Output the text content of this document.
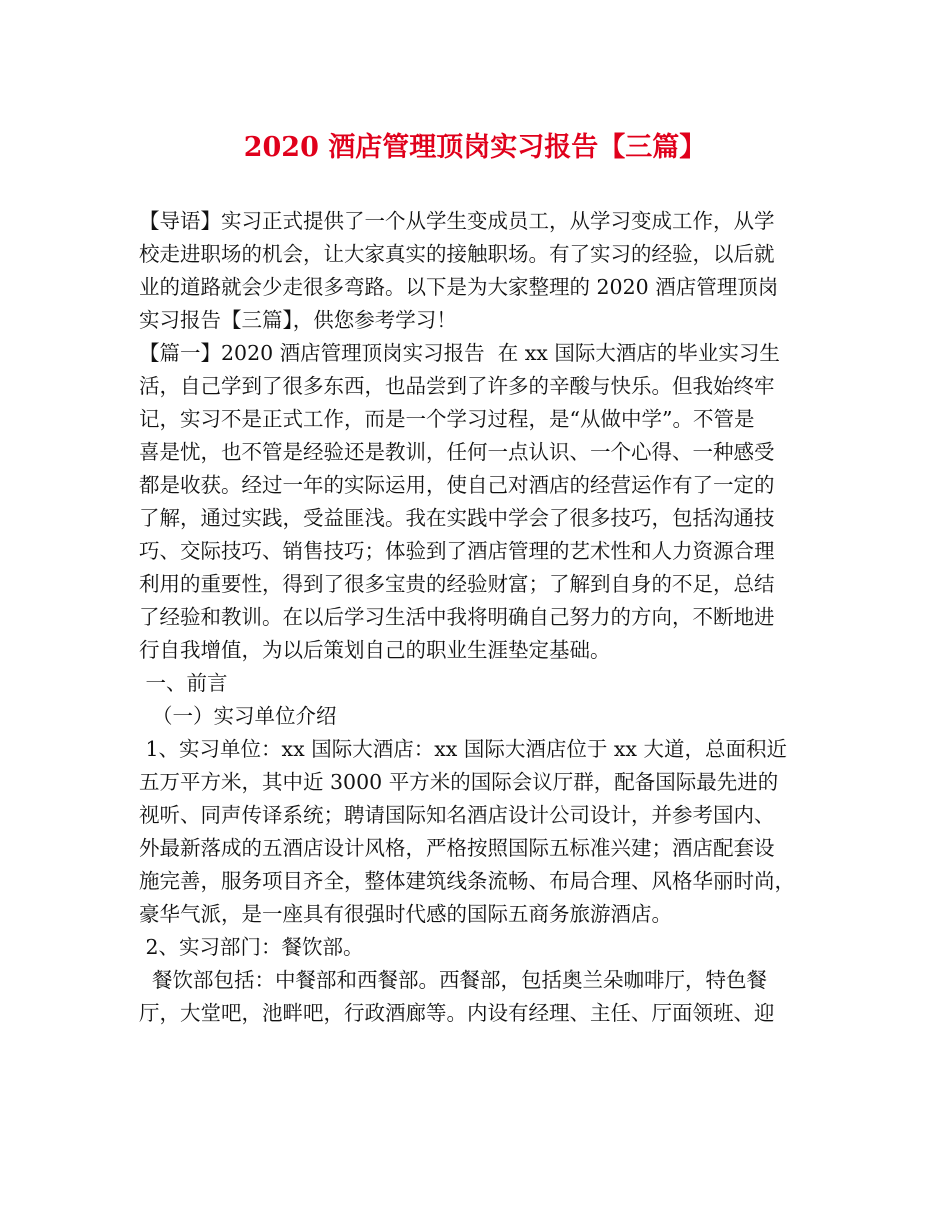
2020 酒店管理顶岗实习报告【三篇】
【导语】实习正式提供了一个从学生变成员工，从学习变成工作，从学
校走进职场的机会，让大家真实的接触职场。有了实习的经验，以后就
业的道路就会少走很多弯路。以下是为大家整理的 2020 酒店管理顶岗
实习报告【三篇】，供您参考学习！
【篇一】2020 酒店管理顶岗实习报告  在 xx 国际大酒店的毕业实习生
活，自己学到了很多东西，也品尝到了许多的辛酸与快乐。但我始终牢
记，实习不是正式工作，而是一个学习过程，是“从做中学”。不管是
喜是忧，也不管是经验还是教训，任何一点认识、一个心得、一种感受
都是收获。经过一年的实际运用，使自己对酒店的经营运作有了一定的
了解，通过实践，受益匪浅。我在实践中学会了很多技巧，包括沟通技
巧、交际技巧、销售技巧；体验到了酒店管理的艺术性和人力资源合理
利用的重要性，得到了很多宝贵的经验财富；了解到自身的不足，总结
了经验和教训。在以后学习生活中我将明确自己努力的方向，不断地进
行自我增值，为以后策划自己的职业生涯垫定基础。
一、前言
（一）实习单位介绍
1、实习单位：xx 国际大酒店：xx 国际大酒店位于 xx 大道，总面积近
五万平方米，其中近 3000 平方米的国际会议厅群，配备国际最先进的
视听、同声传译系统；聘请国际知名酒店设计公司设计，并参考国内、
外最新落成的五酒店设计风格，严格按照国际五标准兴建；酒店配套设
施完善，服务项目齐全，整体建筑线条流畅、布局合理、风格华丽时尚，
豪华气派，是一座具有很强时代感的国际五商务旅游酒店。
2、实习部门：餐饮部。
餐饮部包括：中餐部和西餐部。西餐部，包括奥兰朵咖啡厅，特色餐
厅，大堂吧，池畔吧，行政酒廊等。内设有经理、主任、厅面领班、迎
